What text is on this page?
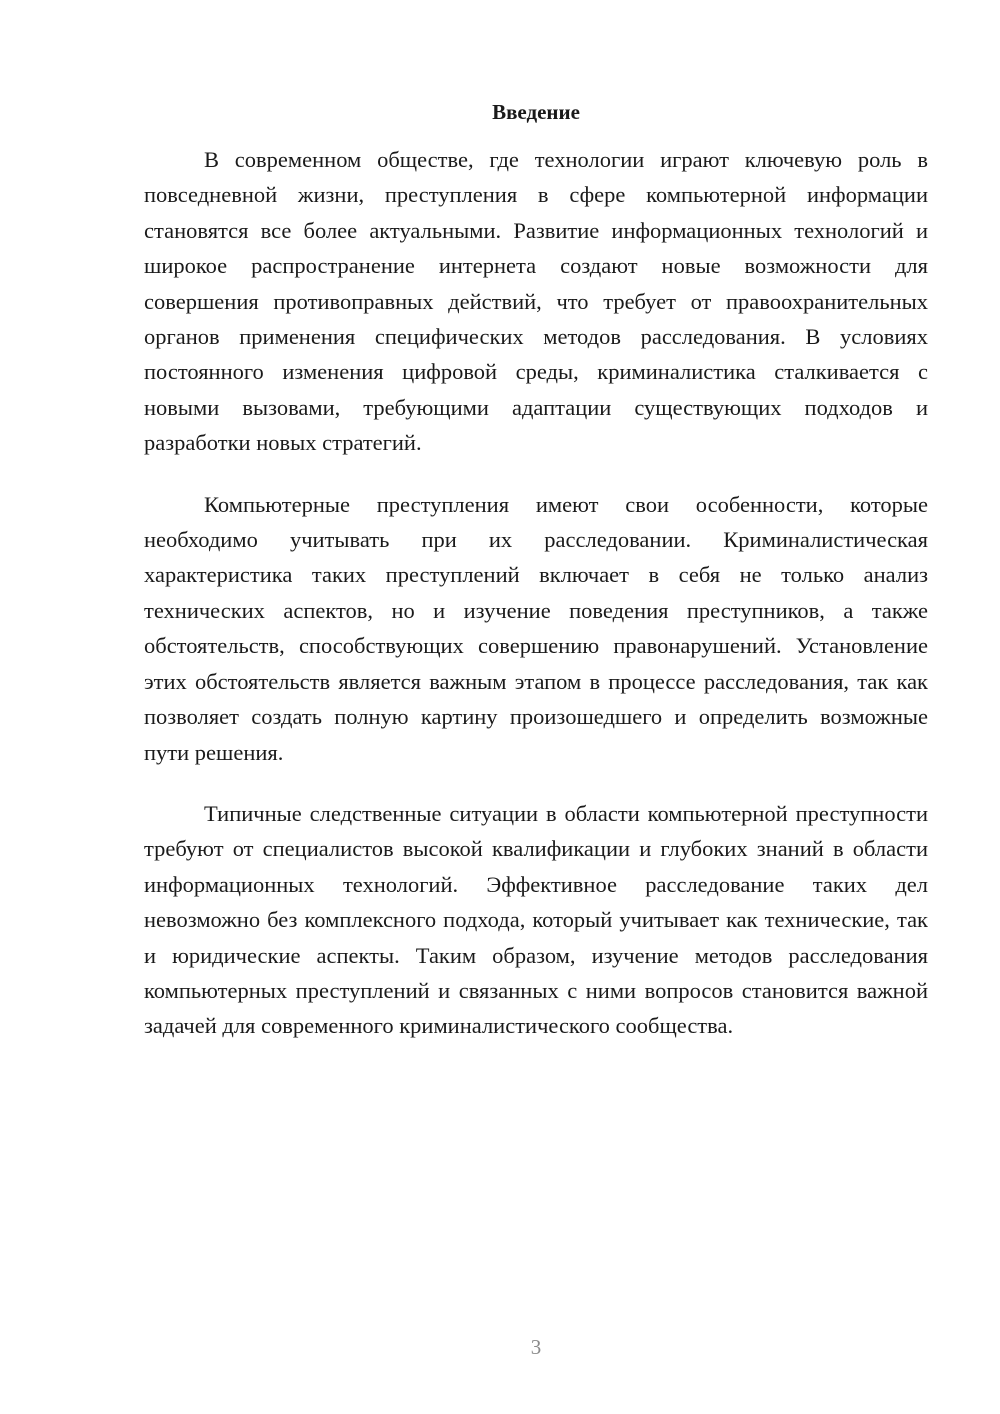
Введение

В современном обществе, где технологии играют ключевую роль в повседневной жизни, преступления в сфере компьютерной информации становятся все более актуальными. Развитие информационных технологий и широкое распространение интернета создают новые возможности для совершения противоправных действий, что требует от правоохранительных органов применения специфических методов расследования. В условиях постоянного изменения цифровой среды, криминалистика сталкивается с новыми вызовами, требующими адаптации существующих подходов и разработки новых стратегий.

Компьютерные преступления имеют свои особенности, которые необходимо учитывать при их расследовании. Криминалистическая характеристика таких преступлений включает в себя не только анализ технических аспектов, но и изучение поведения преступников, а также обстоятельств, способствующих совершению правонарушений. Установление этих обстоятельств является важным этапом в процессе расследования, так как позволяет создать полную картину произошедшего и определить возможные пути решения.

Типичные следственные ситуации в области компьютерной преступности требуют от специалистов высокой квалификации и глубоких знаний в области информационных технологий. Эффективное расследование таких дел невозможно без комплексного подхода, который учитывает как технические, так и юридические аспекты. Таким образом, изучение методов расследования компьютерных преступлений и связанных с ними вопросов становится важной задачей для современного криминалистического сообщества.

3
